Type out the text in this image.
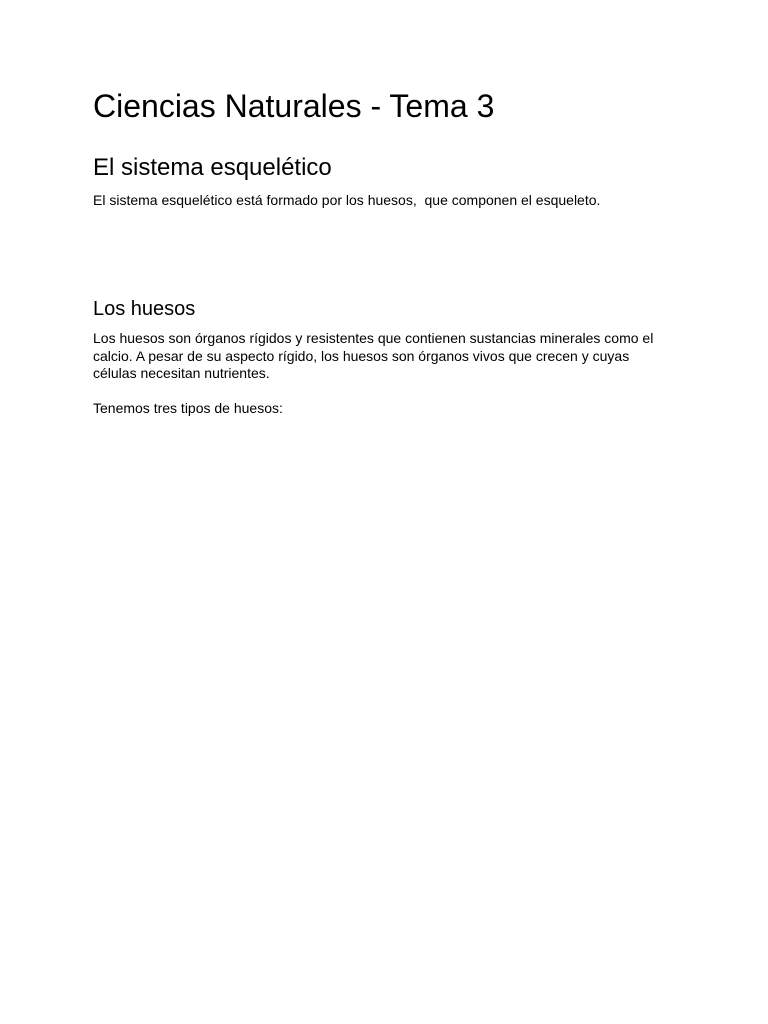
Ciencias Naturales - Tema 3
El sistema esquelético

El sistema esquelético está formado por los huesos,  que componen el esqueleto.

Los huesos

Los huesos son órganos rígidos y resistentes que contienen sustancias minerales como el calcio. A pesar de su aspecto rígido, los huesos son órganos vivos que crecen y cuyas células necesitan nutrientes.

Tenemos tres tipos de huesos:
